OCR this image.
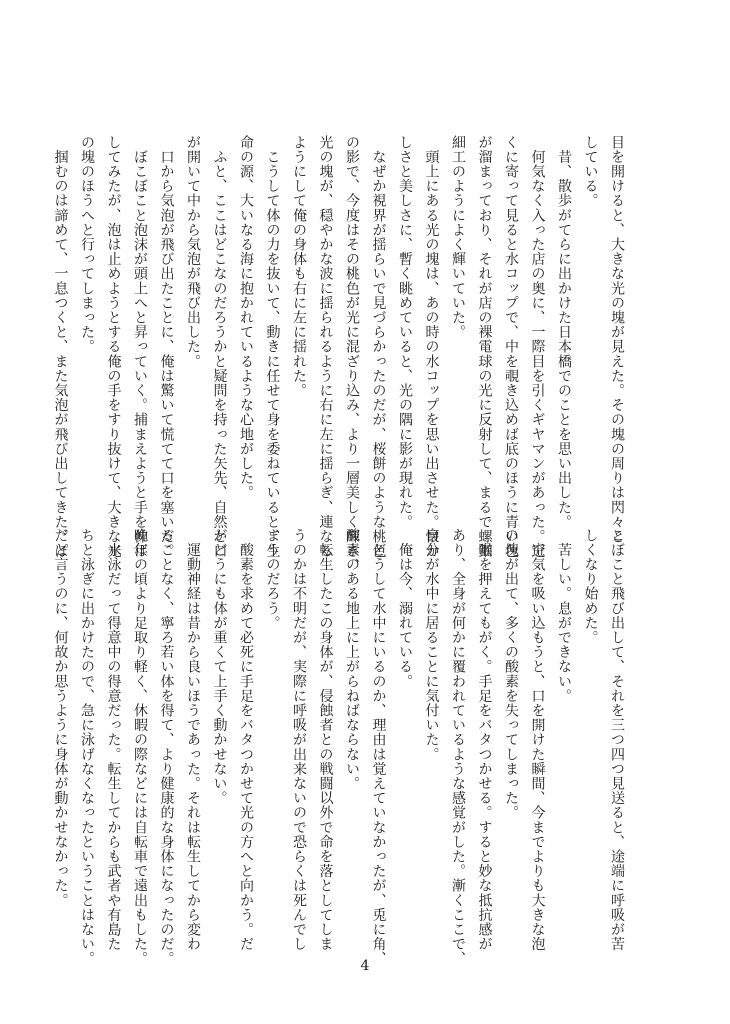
目を開けると、大きな光の塊が見えた。その塊の周りは閃々と
している。
　昔、散歩がてらに出かけた日本橋でのことを思い出した。
　何気なく入った店の奥に、一際目を引くギヤマンがあった。近
くに寄って見ると水コップで、中を覗き込めば底のほうに青い色
が溜まっており、それが店の裸電球の光に反射して、まるで螺鈿
細工のようによく輝いていた。
　頭上にある光の塊は、あの時の水コップを思い出させた。懐か
しさと美しさに、暫く眺めていると、光の隅に影が現れた。
　なぜか視界が揺らいで見づらかったのだが、桜餅のような桃色
の影で、今度はその桃色が光に混ざり込み、より一層美しく輝き、
光の塊が、穏やかな波に揺られるように右に左に揺らぎ、連なる
ようにして俺の身体も右に左に揺れた。
　こうして体の力を抜いて、動きに任せて身を委ねていると、生
命の源、大いなる海に抱かれているような心地がした。
　ふと、ここはどこなのだろうかと疑問を持った矢先、自然と口
が開いて中から気泡が飛び出した。
　口から気泡が飛び出たことに、俺は驚いて慌てて口を塞いだ。
　ぼこぼこと泡沫が頭上へと昇っていく。捕まえようと手を伸ば
してみたが、泡は止めようとする俺の手をすり抜けて、大きな光
の塊のほうへと行ってしまった。
　掴むのは諦めて、一息つくと、また気泡が飛び出してきた。ぽ
こぼこと飛び出して、それを三つ四つ見送ると、途端に呼吸が苦
しくなり始めた。
　苦しい。息ができない。
　空気を吸い込もうと、口を開けた瞬間、今までよりも大きな泡
の塊が出て、多くの酸素を失ってしまった。
　喉を押えてもがく。手足をバタつかせる。すると妙な抵抗感が
あり、全身が何かに覆われているような感覚がした。漸くここで、
自分が水中に居ることに気付いた。
　俺は今、溺れている。
　どうして水中にいるのか、理由は覚えていなかったが、兎に角、
酸素のある地上に上がらねばならない。
　転生したこの身体が、侵蝕者との戦闘以外で命を落としてしま
うのかは不明だが、実際に呼吸が出来ないので恐らくは死んでし
まうのだろう。
　酸素を求めて必死に手足をバタつかせて光の方へと向かう。だ
がどうにも体が重くて上手く動かせない。
　運動神経は昔から良いほうであった。それは転生してから変わ
ることなく、寧ろ若い体を得て、より健康的な身体になったのだ。
晩年の頃より足取り軽く、休暇の際などには自転車で遠出もした。
　水泳だって得意中の得意だった。転生してからも武者や有島た
ちと泳ぎに出かけたので、急に泳げなくなったということはない。
だと言うのに、何故か思うように身体が動かせなかった。
4
